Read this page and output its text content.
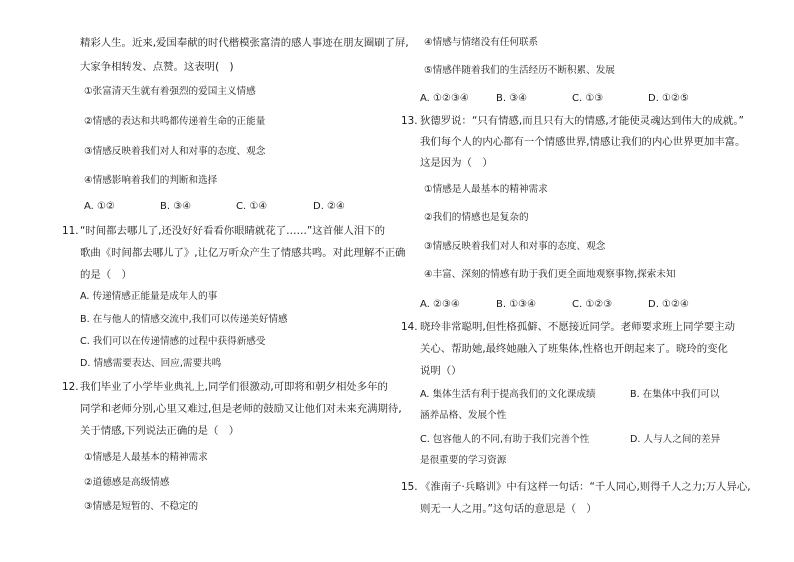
精彩人生。近来,爱国奉献的时代楷模张富清的感人事迹在朋友圈刷了屏,
大家争相转发、点赞。这表明(　)
①张富清天生就有着强烈的爱国主义情感
②情感的表达和共鸣都传递着生命的正能量
③情感反映着我们对人和对事的态度、观念
④情感影响着我们的判断和选择
A. ①②	B. ③④	C. ①④	D. ②④
11. “时间都去哪儿了,还没好好看看你眼睛就花了……”这首催人泪下的
歌曲《时间都去哪儿了》,让亿万听众产生了情感共鸣。对此理解不正确
的是（　）
A. 传递情感正能量是成年人的事
B. 在与他人的情感交流中,我们可以传递美好情感
C. 我们可以在传递情感的过程中获得新感受
D. 情感需要表达、回应,需要共鸣
12. 我们毕业了小学毕业典礼上,同学们很激动,可即将和朝夕相处多年的
同学和老师分别,心里又难过,但是老师的鼓励又让他们对未来充满期待,
关于情感,下列说法正确的是（　）
①情感是人最基本的精神需求
②道德感是高级情感
③情感是短暂的、不稳定的
④情感与情绪没有任何联系
⑤情感伴随着我们的生活经历不断积累、发展
A. ①②③④	B. ③④	C. ①③	D. ①②⑤
13. 狄德罗说：“只有情感,而且只有大的情感,才能使灵魂达到伟大的成就。”
我们每个人的内心都有一个情感世界,情感让我们的内心世界更加丰富。
这是因为（　）
①情感是人最基本的精神需求
②我们的情感也是复杂的
③情感反映着我们对人和对事的态度、观念
④丰富、深刻的情感有助于我们更全面地观察事物,探索未知
A. ②③④	B. ①③④	C. ①②③	D. ①②④
14. 晓玲非常聪明,但性格孤僻、不愿接近同学。老师要求班上同学要主动
关心、帮助她,最终她融入了班集体,性格也开朗起来了。晓玲的变化
说明（）
A. 集体生活有利于提高我们的文化课成绩	B. 在集体中我们可以
涵养品格、发展个性
C. 包容他人的不同,有助于我们完善个性	D. 人与人之间的差异
是很重要的学习资源
15. 《淮南子·兵略训》中有这样一句话：“千人同心,则得千人之力;万人异心,
则无一人之用。”这句话的意思是（　）
